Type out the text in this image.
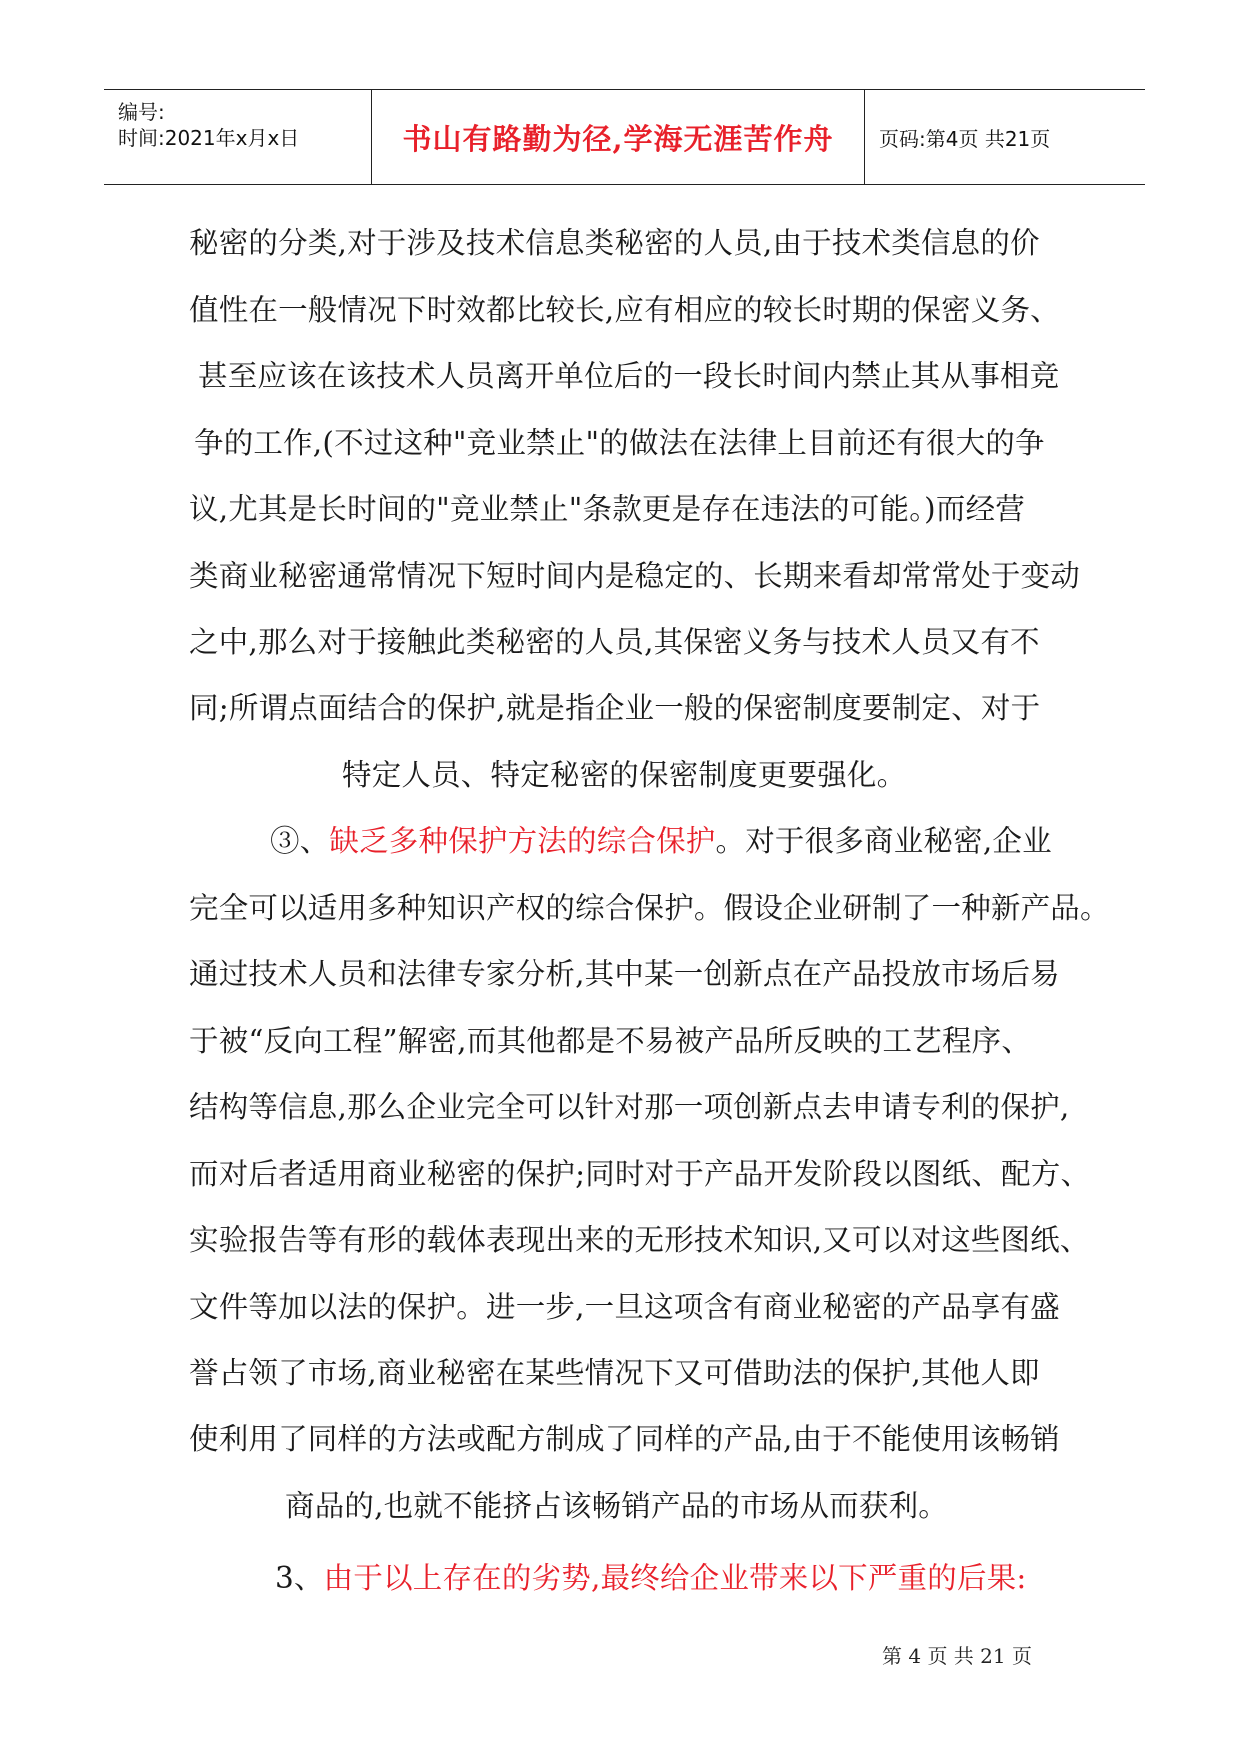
编号:
时间:2021年x月x日	书山有路勤为径,学海无涯苦作舟 页码:第4页 共21页
秘密的分类,对于涉及技术信息类秘密的人员,由于技术类信息的价
值性在一般情况下时效都比较长,应有相应的较长时期的保密义务、
甚至应该在该技术人员离开单位后的一段长时间内禁止其从事相竞
争的工作,(不过这种"竞业禁止"的做法在法律上目前还有很大的争
议,尤其是长时间的"竞业禁止"条款更是存在违法的可能。)而经营
类商业秘密通常情况下短时间内是稳定的、长期来看却常常处于变动
之中,那么对于接触此类秘密的人员,其保密义务与技术人员又有不
同;所谓点面结合的保护,就是指企业一般的保密制度要制定、对于
特定人员、特定秘密的保密制度更要强化。
③、缺乏多种保护方法的综合保护。对于很多商业秘密,企业
完全可以适用多种知识产权的综合保护。假设企业研制了一种新产品。
通过技术人员和法律专家分析,其中某一创新点在产品投放市场后易
于被“反向工程”解密,而其他都是不易被产品所反映的工艺程序、
结构等信息,那么企业完全可以针对那一项创新点去申请专利的保护,
而对后者适用商业秘密的保护;同时对于产品开发阶段以图纸、配方、
实验报告等有形的载体表现出来的无形技术知识,又可以对这些图纸、
文件等加以法的保护。进一步,一旦这项含有商业秘密的产品享有盛
誉占领了市场,商业秘密在某些情况下又可借助法的保护,其他人即
使利用了同样的方法或配方制成了同样的产品,由于不能使用该畅销
商品的,也就不能挤占该畅销产品的市场从而获利。
3、由于以上存在的劣势,最终给企业带来以下严重的后果:
第 4 页 共 21 页
